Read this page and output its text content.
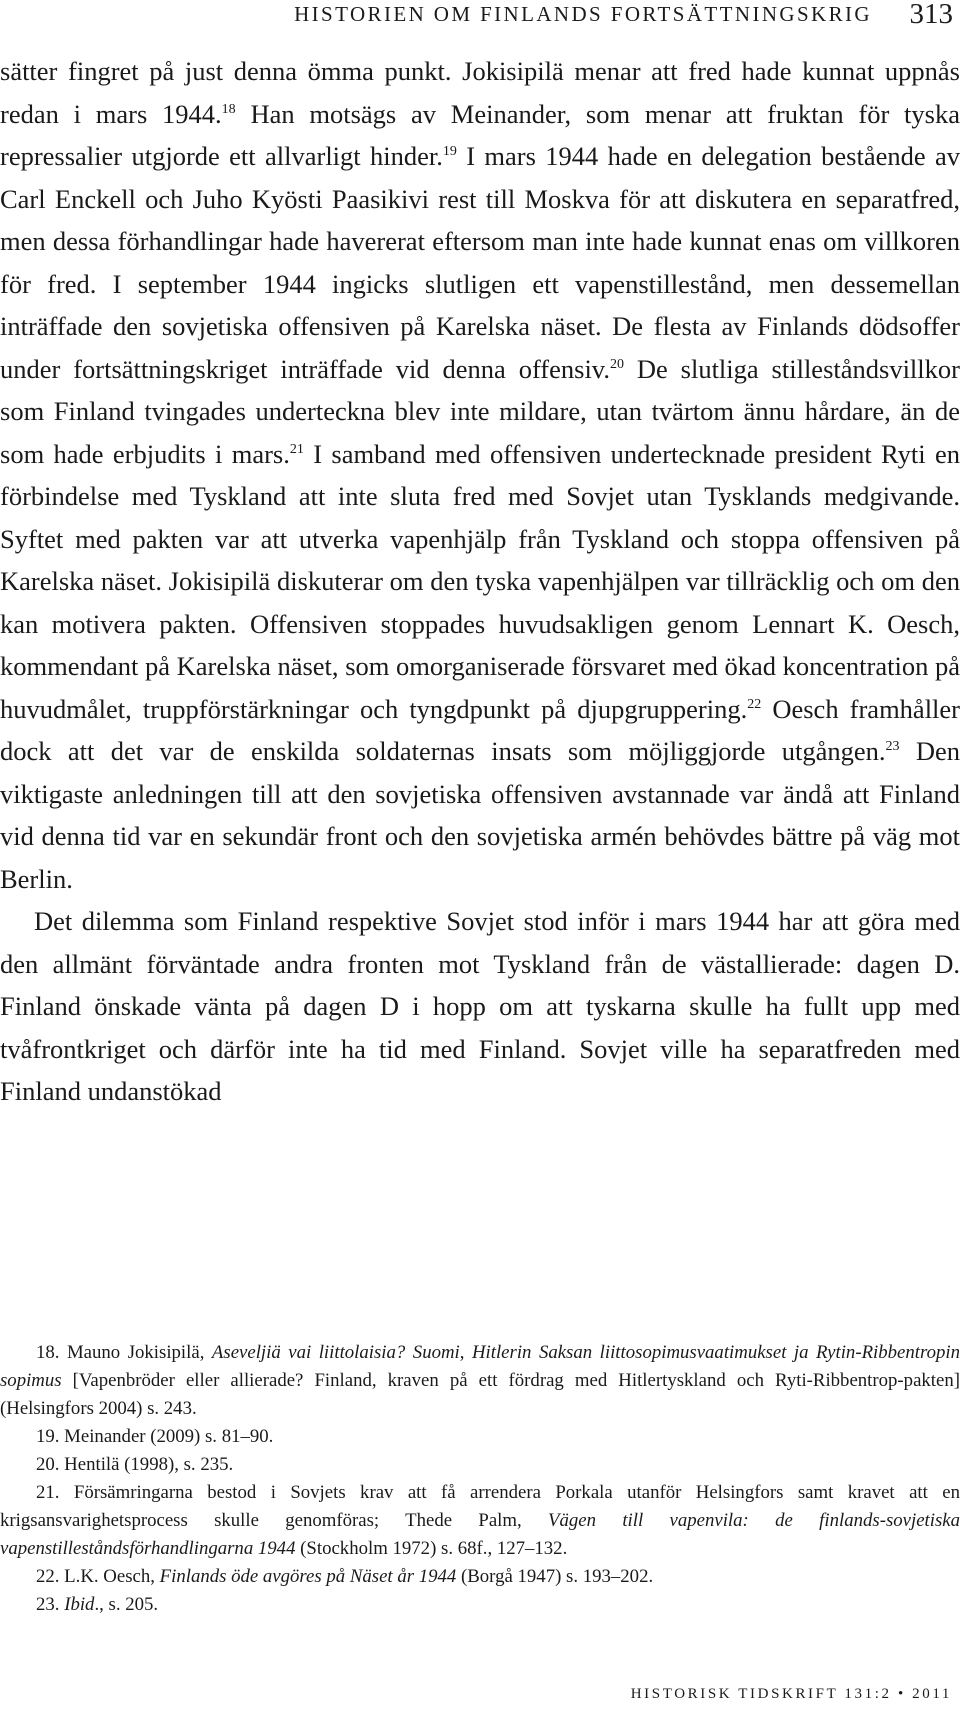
HISTORIEN OM FINLANDS FORTSÄTTNINGSKRIG 313

sätter fingret på just denna ömma punkt. Jokisipilä menar att fred hade kunnat uppnås redan i mars 1944.18 Han motsägs av Meinander, som menar att fruktan för tyska repressalier utgjorde ett allvarligt hinder.$^{19}$ I mars 1944 hade en delegation bestående av Carl Enckell och Juho Kyösti Paasikivi rest till Moskva för att diskutera en separatfred, men dessa förhandlingar hade havererat eftersom man inte hade kunnat enas om villkoren för fred. I september 1944 ingicks slutligen ett vapenstillestånd, men dessemellan inträffade den sovjetiska offensiven på Karelska näset. De flesta av Finlands dödsoffer under fortsättningskriget inträffade vid denna offensiv.$^{20}$ De slutliga stilleståndsvillkor som Finland tvingades underteckna blev inte mildare, utan tvärtom ännu hårdare, än de som hade erbjudits i mars.$^{21}$ I samband med offensiven undertecknade president Ryti en förbindelse med Tyskland att inte sluta fred med Sovjet utan Tysklands medgivande. Syftet med pakten var att utverka vapenhjälp från Tyskland och stoppa offensiven på Karelska näset. Jokisipilä diskuterar om den tyska vapenhjälpen var tillräcklig och om den kan motivera pakten. Offensiven stoppades huvudsakligen genom Lennart K. Oesch, kommendant på Karelska näset, som omorganiserade försvaret med ökad koncentration på huvudmålet, truppförstärkningar och tyngdpunkt på djupgruppering.$^{22}$ Oesch framhåller dock att det var de enskilda soldaternas insats som möjliggjorde utgången.$^{23}$ Den viktigaste anledningen till att den sovjetiska offensiven avstannade var ändå att Finland vid denna tid var en sekundär front och den sovjetiska armén behövdes bättre på väg mot Berlin.

Det dilemma som Finland respektive Sovjet stod inför i mars 1944 har att göra med den allmänt förväntade andra fronten mot Tyskland från de västallierade: dagen D. Finland önskade vänta på dagen D i hopp om att tyskarna skulle ha fullt upp med tvåfrontkriget och därför inte ha tid med Finland. Sovjet ville ha separatfreden med Finland undanstökad

18. Mauno Jokisipilä, Aseveljiä vai liittolaisia? Suomi, Hitlerin Saksan liittosopimusvaatimukset ja Rytin-Ribbentropin sopimus [Vapenbröder eller allierade? Finland, kraven på ett fördrag med Hitlertyskland och Ryti-Ribbentrop-pakten] (Helsingfors 2004) s. 243.

19. Meinander (2009) s. 81–90.

20. Hentilä (1998), s. 235.

21. Försämringarna bestod i Sovjets krav att få arrendera Porkala utanför Helsingfors samt kravet att en krigsansvarighetsprocess skulle genomföras; Thede Palm, Vägen till vapenvila: de finlands-sovjetiska vapenstilleståndsförhandlingarna 1944 (Stockholm 1972) s. 68f., 127–132.

22. L.K. Oesch, Finlands öde avgöres på Näset år 1944 (Borgå 1947) s. 193–202.

23. Ibid., s. 205.

HISTORISK TIDSKRIFT 131:2 • 2011
